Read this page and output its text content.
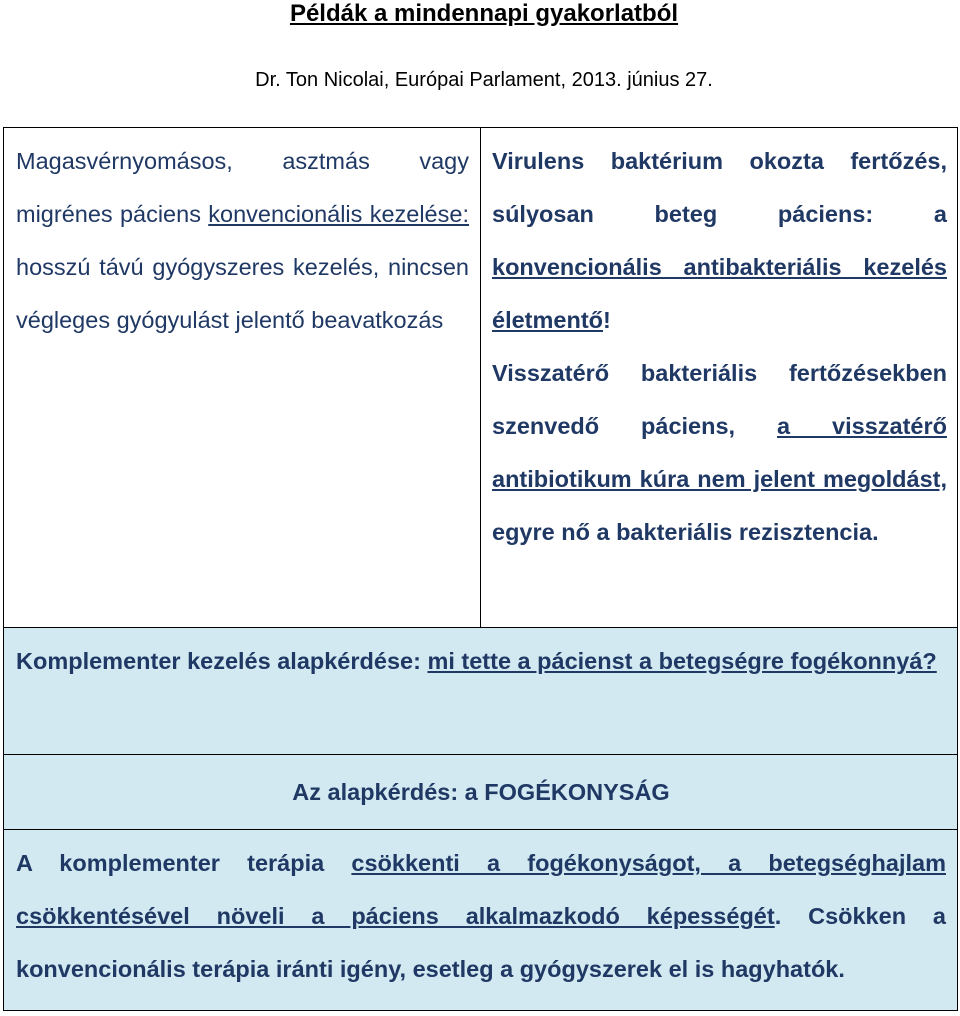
Példák a mindennapi gyakorlatból
Dr. Ton Nicolai, Európai Parlament, 2013. június 27.

Magasvérnyomásos, asztmás vagy migrénes páciens konvencionális kezelése: hosszú távú gyógyszeres kezelés, nincsen végleges gyógyulást jelentő beavatkozás

Virulens baktérium okozta fertőzés, súlyosan beteg páciens: a konvencionális antibakteriális kezelés életmentő!

Visszatérő bakteriális fertőzésekben szenvedő páciens, a visszatérő antibiotikum kúra nem jelent megoldást, egyre nő a bakteriális rezisztencia.

Komplementer kezelés alapkérdése: mi tette a pácienst a betegségre fogékonnyá?

Az alapkérdés: a FOGÉKONYSÁG

A komplementer terápia csökkenti a fogékonyságot, a betegséghajlam csökkentésével növeli a páciens alkalmazkodó képességét. Csökken a konvencionális terápia iránti igény, esetleg a gyógyszerek el is hagyhatók.
